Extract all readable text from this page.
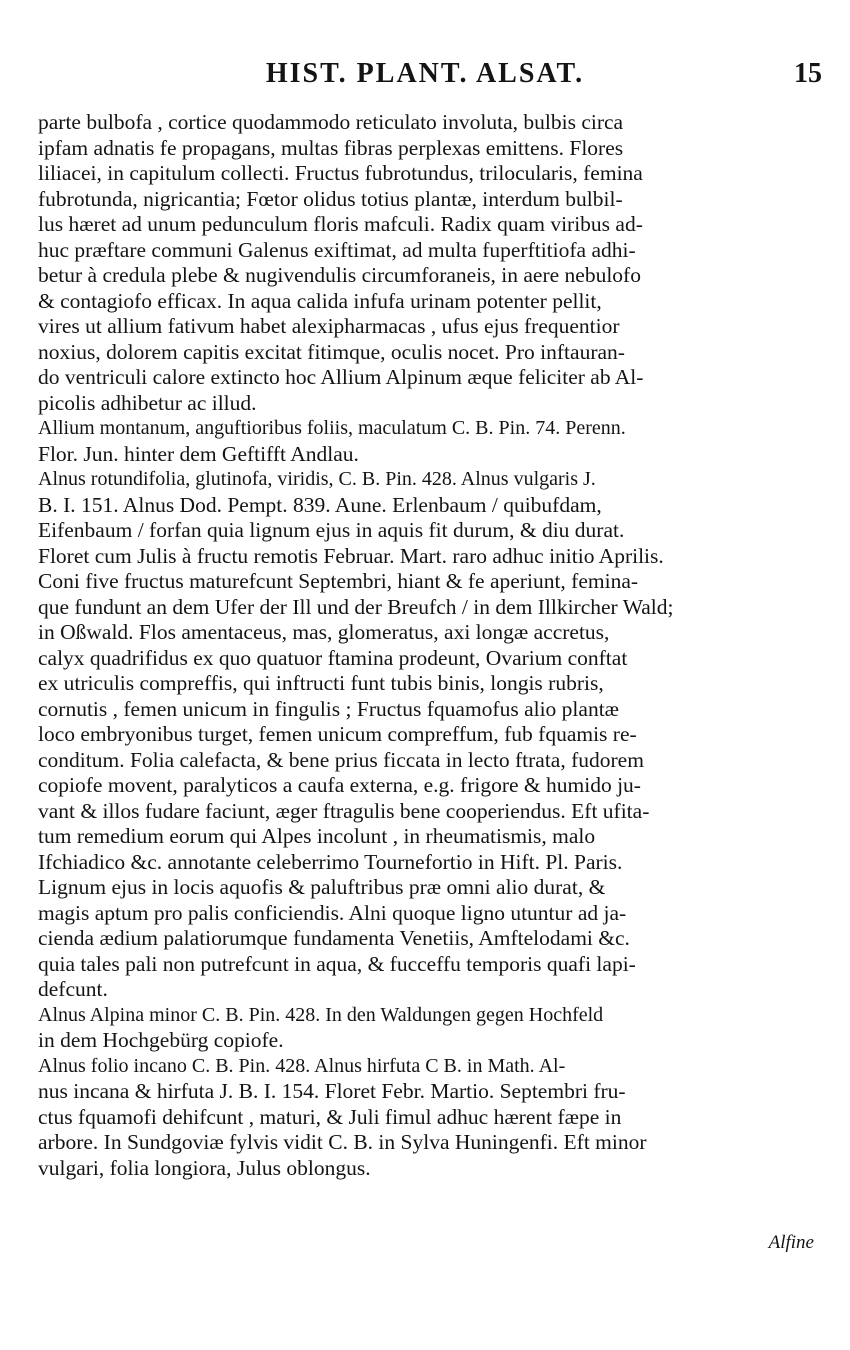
HIST. PLANT. ALSAT.	15
parte bulbofa , cortice quodammodo reticulato involuta, bulbis circa
ipfam adnatis fe propagans, multas fibras perplexas emittens. Flores
liliacei, in capitulum collecti. Fructus fubrotundus, trilocularis, femina
fubrotunda, nigricantia; Fœtor olidus totius plantæ, interdum bulbil-
lus hæret ad unum pedunculum floris mafculi. Radix quam viribus ad-
huc præftare communi Galenus exiftimat, ad multa fuperftitiofa adhi-
betur à credula plebe & nugivendulis circumforaneis, in aere nebulofo
& contagiofo efficax. In aqua calida infufa urinam potenter pellit,
vires ut allium fativum habet alexipharmacas , ufus ejus frequentior
noxius, dolorem capitis excitat fitimque, oculis nocet. Pro inftauran-
do ventriculi calore extincto hoc Allium Alpinum æque feliciter ab Al-
picolis adhibetur ac illud.
Allium montanum, anguftioribus foliis, maculatum C. B. Pin. 74. Perenn.
Flor. Jun. hinter dem Geftifft Andlau.
Alnus rotundifolia, glutinofa, viridis, C. B. Pin. 428. Alnus vulgaris J.
B. I. 151. Alnus Dod. Pempt. 839. Aune. Erlenbaum / quibufdam,
Eifenbaum / forfan quia lignum ejus in aquis fit durum, & diu durat.
Floret cum Julis à fructu remotis Februar. Mart. raro adhuc initio Aprilis.
Coni five fructus maturefcunt Septembri, hiant & fe aperiunt, femina-
que fundunt an dem Ufer der Ill und der Breufch / in dem Illkircher Wald;
in Oßwald. Flos amentaceus, mas, glomeratus, axi longæ accretus,
calyx quadrifidus ex quo quatuor ftamina prodeunt, Ovarium conftat
ex utriculis compreffis, qui inftructi funt tubis binis, longis rubris,
cornutis , femen unicum in fingulis ; Fructus fquamofus alio plantæ
loco embryonibus turget, femen unicum compreffum, fub fquamis re-
conditum. Folia calefacta, & bene prius ficcata in lecto ftrata, fudorem
copiofe movent, paralyticos a caufa externa, e.g. frigore & humido ju-
vant & illos fudare faciunt, æger ftragulis bene cooperiendus. Eft ufita-
tum remedium eorum qui Alpes incolunt , in rheumatismis, malo
Ifchiadico &c. annotante celeberrimo Tournefortio in Hift. Pl. Paris.
Lignum ejus in locis aquofis & paluftribus præ omni alio durat, &
magis aptum pro palis conficiendis. Alni quoque ligno utuntur ad ja-
cienda ædium palatiorumque fundamenta Venetiis, Amftelodami &c.
quia tales pali non putrefcunt in aqua, & fucceffu temporis quafi lapi-
defcunt.
Alnus Alpina minor C. B. Pin. 428. In den Waldungen gegen Hochfeld
in dem Hochgebürg copiofe.
Alnus folio incano C. B. Pin. 428. Alnus hirfuta C B. in Math. Al-
nus incana & hirfuta J. B. I. 154. Floret Febr. Martio. Septembri fru-
ctus fquamofi dehifcunt , maturi, & Juli fimul adhuc hærent fæpe in
arbore. In Sundgoviæ fylvis vidit C. B. in Sylva Huningenfi. Eft minor
vulgari, folia longiora, Julus oblongus.
Alfine
